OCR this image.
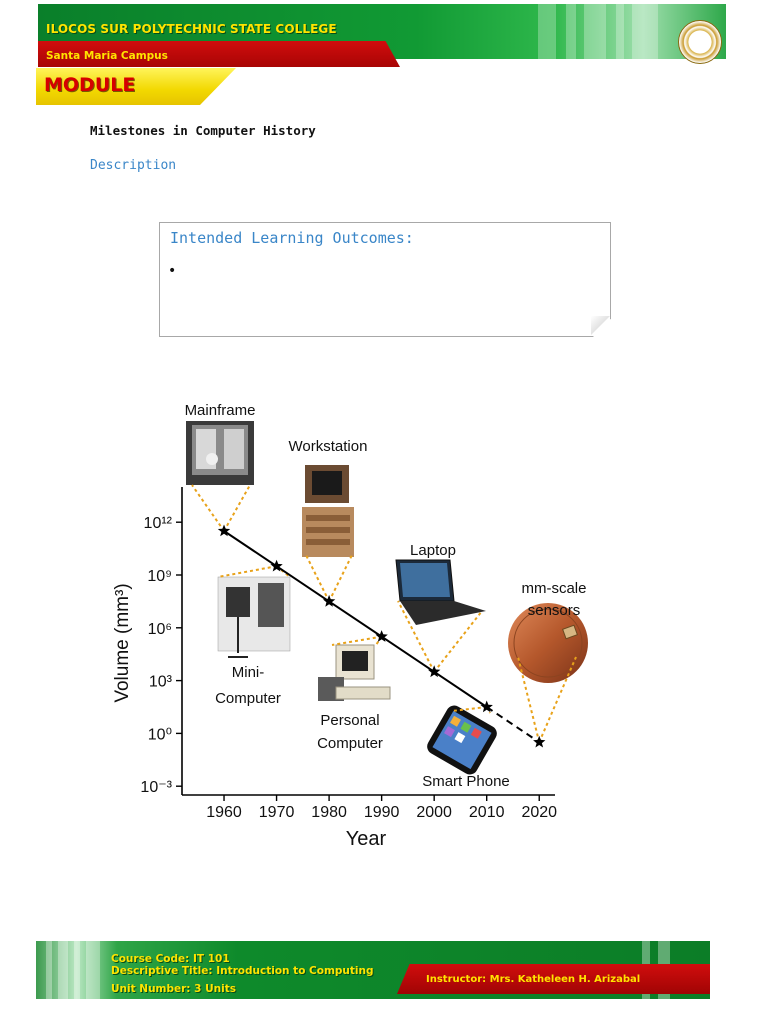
ILOCOS SUR POLYTECHNIC STATE COLLEGE
Santa Maria Campus
MODULE
Milestones in Computer History
Description
Intended Learning Outcomes:
•
10⁻³
10⁰
10³
10⁶
10⁹
10¹²
1960 1970 1980 1990 2000 2010 2020
Volume (mm³)
Year
Mainframe
Workstation
Mini-
Computer
Personal
Computer
Laptop
Smart Phone
mm-scale
sensors
Course Code: IT 101
Descriptive Title: Introduction to Computing
Unit Number: 3 Units
Instructor: Mrs. Katheleen H. Arizabal
